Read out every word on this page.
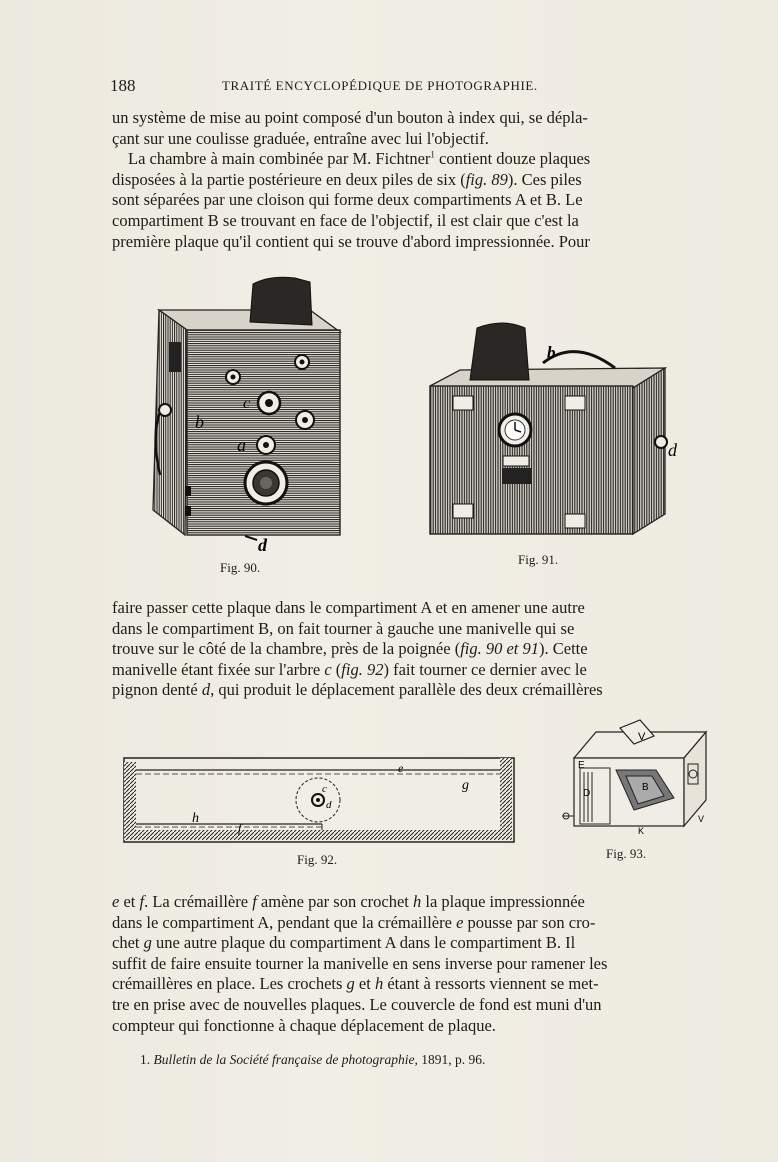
188	TRAITÉ ENCYCLOPÉDIQUE DE PHOTOGRAPHIE.
un système de mise au point composé d'un bouton à index qui, se dépla-
çant sur une coulisse graduée, entraîne avec lui l'objectif.
La chambre à main combinée par M. Fichtner$^1$ contient douze plaques
disposées à la partie postérieure en deux piles de six (fig. 89). Ces piles
sont séparées par une cloison qui forme deux compartiments A et B. Le
compartiment B se trouvant en face de l'objectif, il est clair que c'est la
première plaque qu'il contient qui se trouve d'abord impressionnée. Pour
c
a
b
d
Fig. 90.
b
d
Fig. 91.
faire passer cette plaque dans le compartiment A et en amener une autre
dans le compartiment B, on fait tourner à gauche une manivelle qui se
trouve sur le côté de la chambre, près de la poignée (fig. 90 et 91). Cette
manivelle étant fixée sur l'arbre c (fig. 92) fait tourner ce dernier avec le
pignon denté d, qui produit le déplacement parallèle des deux crémaillères
e
g
h
f
c
d
Fig. 92.
V
E
D
B
K
V
Fig. 93.
e et f. La crémaillère f amène par son crochet h la plaque impressionnée
dans le compartiment A, pendant que la crémaillère e pousse par son cro-
chet g une autre plaque du compartiment A dans le compartiment B. Il
suffit de faire ensuite tourner la manivelle en sens inverse pour ramener les
crémaillères en place. Les crochets g et h étant à ressorts viennent se met-
tre en prise avec de nouvelles plaques. Le couvercle de fond est muni d'un
compteur qui fonctionne à chaque déplacement de plaque.
1. Bulletin de la Société française de photographie, 1891, p. 96.
